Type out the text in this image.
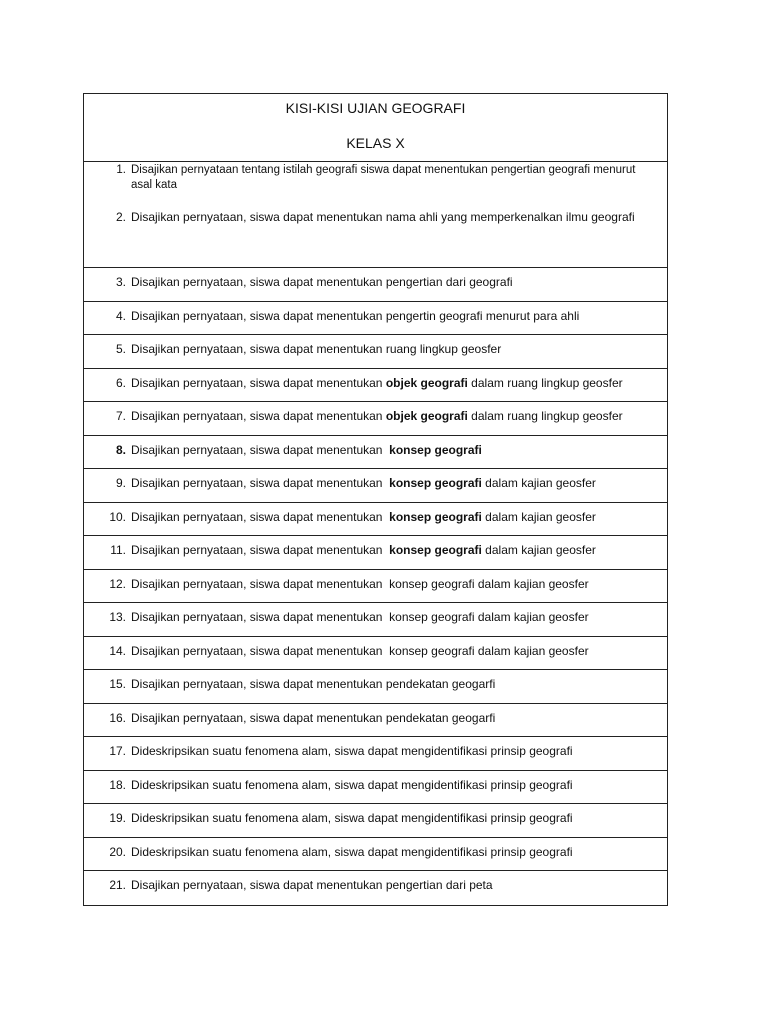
KISI-KISI UJIAN GEOGRAFI
KELAS X
1. Disajikan pernyataan tentang istilah geografi siswa dapat menentukan pengertian geografi menurut asal kata
2. Disajikan pernyataan, siswa dapat menentukan nama ahli yang memperkenalkan ilmu geografi
3. Disajikan pernyataan, siswa dapat menentukan pengertian dari geografi
4. Disajikan pernyataan, siswa dapat menentukan pengertin geografi menurut para ahli
5. Disajikan pernyataan, siswa dapat menentukan ruang lingkup geosfer
6. Disajikan pernyataan, siswa dapat menentukan objek geografi dalam ruang lingkup geosfer
7. Disajikan pernyataan, siswa dapat menentukan objek geografi dalam ruang lingkup geosfer
8. Disajikan pernyataan, siswa dapat menentukan  konsep geografi
9. Disajikan pernyataan, siswa dapat menentukan  konsep geografi dalam kajian geosfer
10. Disajikan pernyataan, siswa dapat menentukan  konsep geografi dalam kajian geosfer
11. Disajikan pernyataan, siswa dapat menentukan  konsep geografi dalam kajian geosfer
12. Disajikan pernyataan, siswa dapat menentukan  konsep geografi dalam kajian geosfer
13. Disajikan pernyataan, siswa dapat menentukan  konsep geografi dalam kajian geosfer
14. Disajikan pernyataan, siswa dapat menentukan  konsep geografi dalam kajian geosfer
15. Disajikan pernyataan, siswa dapat menentukan pendekatan geogarfi
16. Disajikan pernyataan, siswa dapat menentukan pendekatan geogarfi
17. Dideskripsikan suatu fenomena alam, siswa dapat mengidentifikasi prinsip geografi
18. Dideskripsikan suatu fenomena alam, siswa dapat mengidentifikasi prinsip geografi
19. Dideskripsikan suatu fenomena alam, siswa dapat mengidentifikasi prinsip geografi
20. Dideskripsikan suatu fenomena alam, siswa dapat mengidentifikasi prinsip geografi
21. Disajikan pernyataan, siswa dapat menentukan pengertian dari peta
